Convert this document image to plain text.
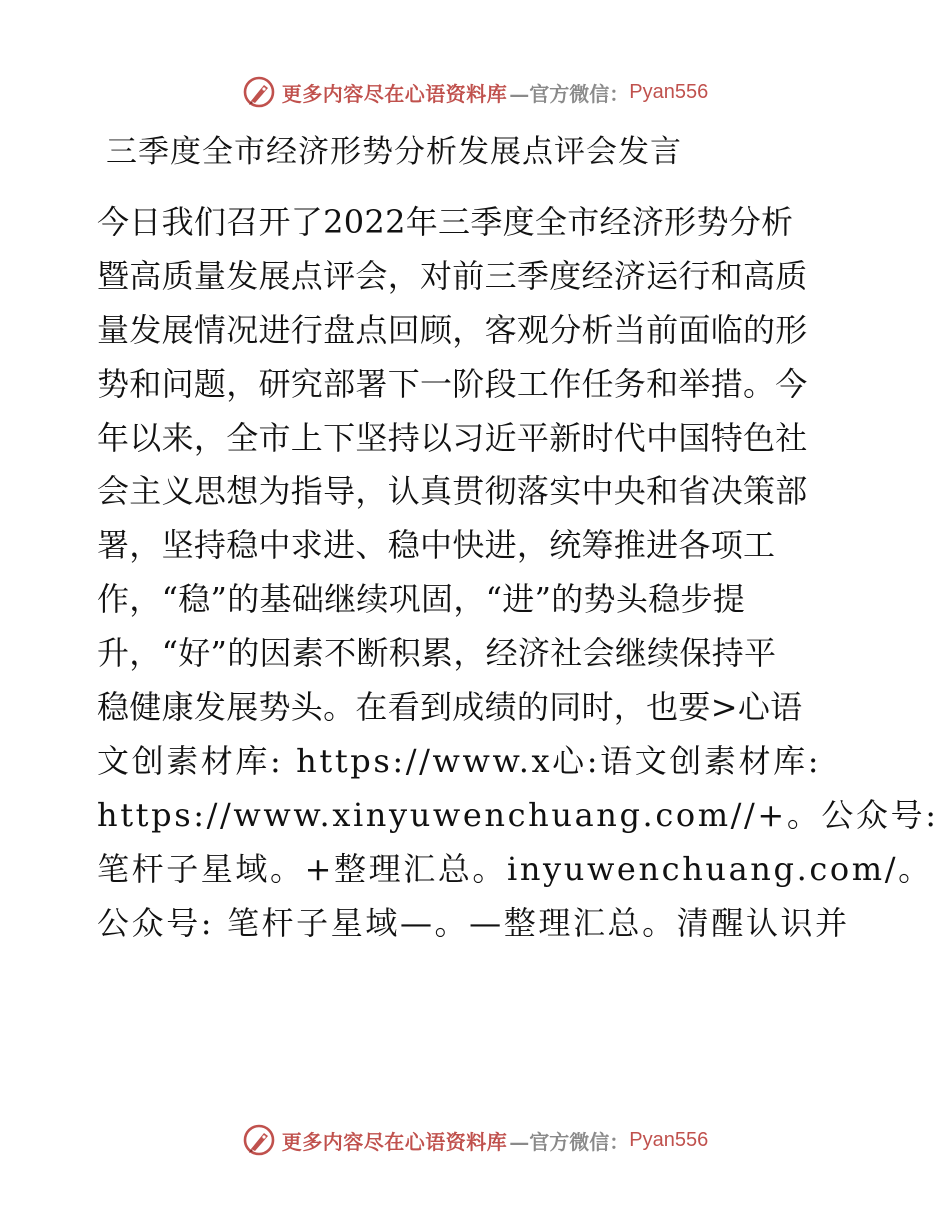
更多内容尽在心语资料库 —官方微信： Pyan556
三季度全市经济形势分析发展点评会发言
今日我们召开了2022年三季度全市经济形势分析
暨高质量发展点评会，对前三季度经济运行和高质
量发展情况进行盘点回顾，客观分析当前面临的形
势和问题，研究部署下一阶段工作任务和举措。今
年以来，全市上下坚持以习近平新时代中国特色社
会主义思想为指导，认真贯彻落实中央和省决策部
署，坚持稳中求进、稳中快进，统筹推进各项工
作，“稳”的基础继续巩固，“进”的势头稳步提
升，“好”的因素不断积累，经济社会继续保持平
稳健康发展势头。在看到成绩的同时，也要>心语
文创素材库: https://www.x心:语文创素材库:
https://www.xinyuwenchuang.com//+。公众号:
笔杆子星域。+整理汇总。inyuwenchuang.com/。
公众号: 笔杆子星域—。—整理汇总。清醒认识并
更多内容尽在心语资料库 —官方微信： Pyan556
